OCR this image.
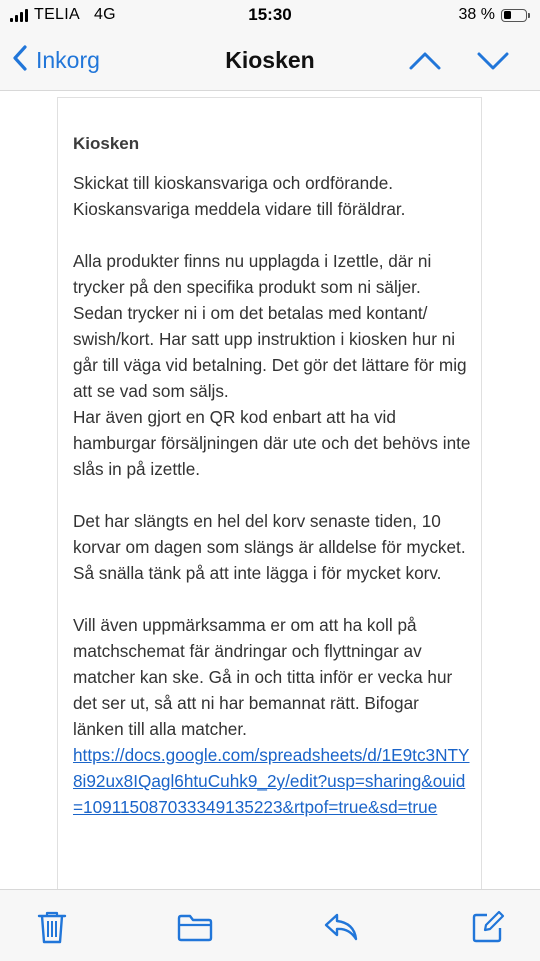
TELIA 4G	15:30	38 %
Inkorg	Kiosken
Kiosken

Skickat till kioskansvariga och ordförande. Kioskansvariga meddela vidare till föräldrar.

Alla produkter finns nu upplagda i Izettle, där ni trycker på den specifika produkt som ni säljer. Sedan trycker ni i om det betalas med kontant/ swish/kort. Har satt upp instruktion i kiosken hur ni går till väga vid betalning. Det gör det lättare för mig att se vad som säljs.

Har även gjort en QR kod enbart att ha vid hamburgar försäljningen där ute och det behövs inte slås in på izettle.

Det har slängts en hel del korv senaste tiden, 10 korvar om dagen som slängs är alldelse för mycket. Så snälla tänk på att inte lägga i för mycket korv.

Vill även uppmärksamma er om att ha koll på matchschemat fär ändringar och flyttningar av matcher kan ske. Gå in och titta inför er vecka hur det ser ut, så att ni har bemannat rätt. Bifogar länken till alla matcher.

https://docs.google.com/spreadsheets/d/1E9tc3NTY8i92ux8IQagl6htuCuhk9_2y/edit?usp=sharing&ouid=109115087033349135223&rtpof=true&sd=true
